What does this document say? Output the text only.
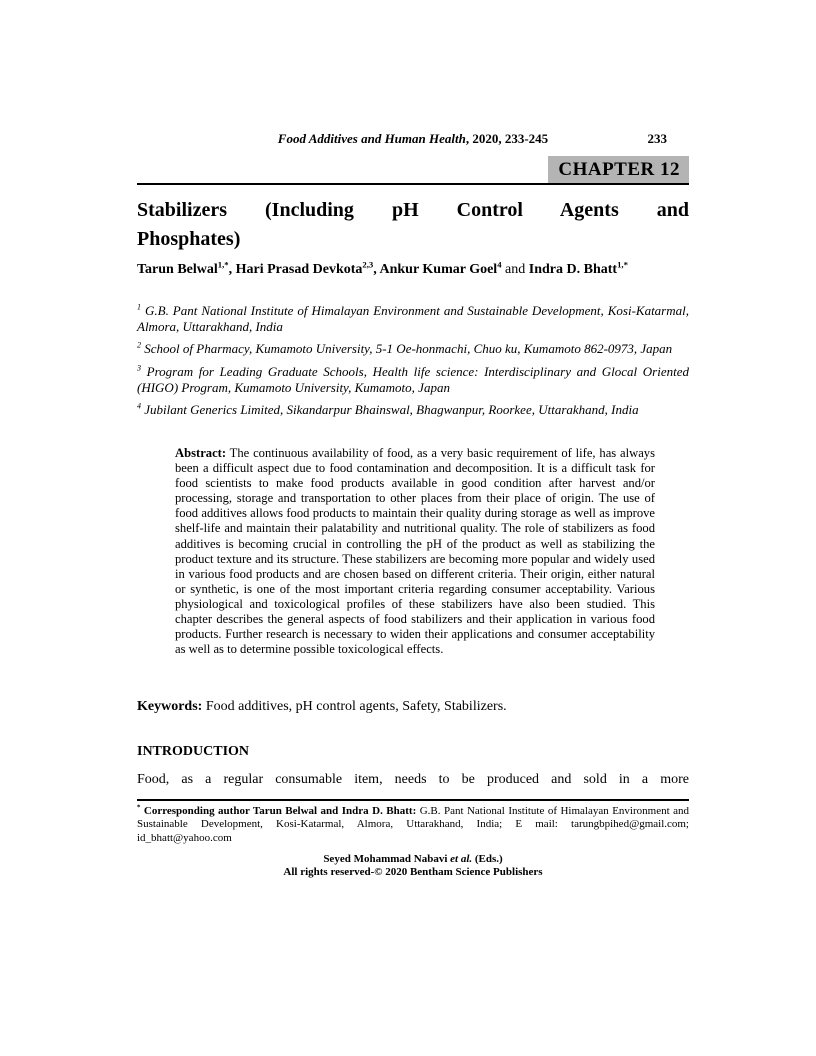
Food Additives and Human Health, 2020, 233-245	233
CHAPTER 12
Stabilizers (Including pH Control Agents and
Phosphates)
Tarun Belwal$^{1,*}$, Hari Prasad Devkota$^{2,3}$, Ankur Kumar Goel$^4$ and Indra D. Bhatt$^{1,*}$

$^1$ G.B. Pant National Institute of Himalayan Environment and Sustainable Development, Kosi-Katarmal, Almora, Uttarakhand, India

$^2$ School of Pharmacy, Kumamoto University, 5-1 Oe-honmachi, Chuo ku, Kumamoto 862-0973, Japan

$^3$ Program for Leading Graduate Schools, Health life science: Interdisciplinary and Glocal Oriented (HIGO) Program, Kumamoto University, Kumamoto, Japan

$^4$ Jubilant Generics Limited, Sikandarpur Bhainswal, Bhagwanpur, Roorkee, Uttarakhand, India

Abstract: The continuous availability of food, as a very basic requirement of life, has always been a difficult aspect due to food contamination and decomposition. It is a difficult task for food scientists to make food products available in good condition after harvest and/or processing, storage and transportation to other places from their place of origin. The use of food additives allows food products to maintain their quality during storage as well as improve shelf-life and maintain their palatability and nutritional quality. The role of stabilizers as food additives is becoming crucial in controlling the pH of the product as well as stabilizing the product texture and its structure. These stabilizers are becoming more popular and widely used in various food products and are chosen based on different criteria. Their origin, either natural or synthetic, is one of the most important criteria regarding consumer acceptability. Various physiological and toxicological profiles of these stabilizers have also been studied. This chapter describes the general aspects of food stabilizers and their application in various food products. Further research is necessary to widen their applications and consumer acceptability as well as to determine possible toxicological effects.
Keywords: Food additives, pH control agents, Safety, Stabilizers.
INTRODUCTION
Food, as a regular consumable item, needs to be produced and sold in a more
* Corresponding author Tarun Belwal and Indra D. Bhatt: G.B. Pant National Institute of Himalayan Environment and Sustainable Development, Kosi-Katarmal, Almora, Uttarakhand, India; E mail: tarungbpihed@gmail.com; id_bhatt@yahoo.com
Seyed Mohammad Nabavi et al. (Eds.)
All rights reserved-© 2020 Bentham Science Publishers
